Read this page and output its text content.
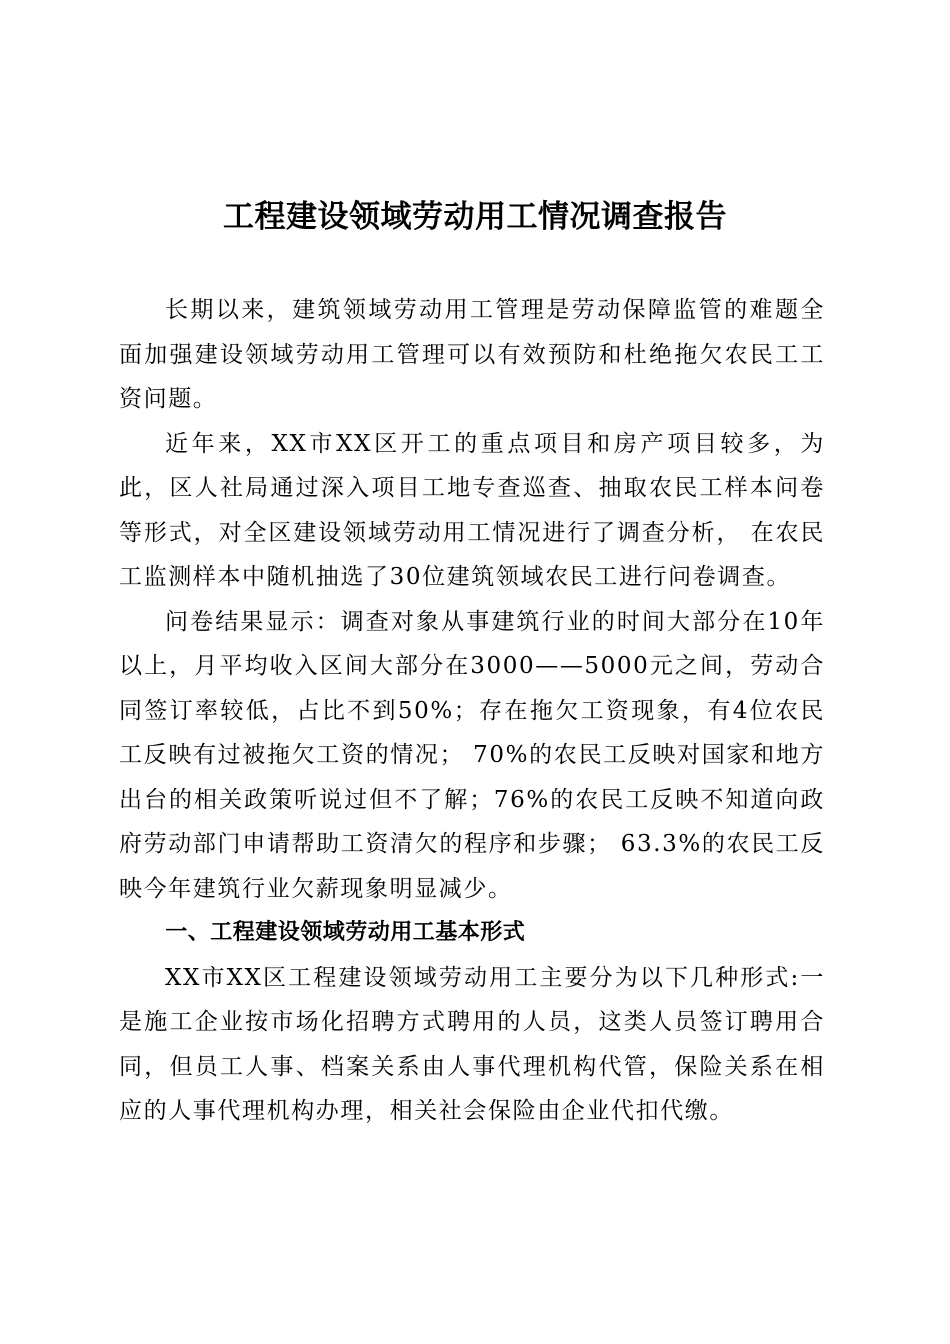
工程建设领域劳动用工情况调查报告

长期以来，建筑领域劳动用工管理是劳动保障监管的难题全面加强建设领域劳动用工管理可以有效预防和杜绝拖欠农民工工资问题。

近年来，XX市XX区开工的重点项目和房产项目较多，为此，区人社局通过深入项目工地专查巡查、抽取农民工样本问卷等形式，对全区建设领域劳动用工情况进行了调查分析， 在农民工监测样本中随机抽选了30位建筑领域农民工进行问卷调查。

问卷结果显示：调查对象从事建筑行业的时间大部分在10年以上，月平均收入区间大部分在3000——5000元之间，劳动合同签订率较低，占比不到50%；存在拖欠工资现象，有4位农民工反映有过被拖欠工资的情况； 70%的农民工反映对国家和地方出台的相关政策听说过但不了解；76%的农民工反映不知道向政府劳动部门申请帮助工资清欠的程序和步骤； 63.3%的农民工反映今年建筑行业欠薪现象明显减少。

一、工程建设领域劳动用工基本形式

XX市XX区工程建设领域劳动用工主要分为以下几种形式:一是施工企业按市场化招聘方式聘用的人员，这类人员签订聘用合同，但员工人事、档案关系由人事代理机构代管，保险关系在相应的人事代理机构办理，相关社会保险由企业代扣代缴。
